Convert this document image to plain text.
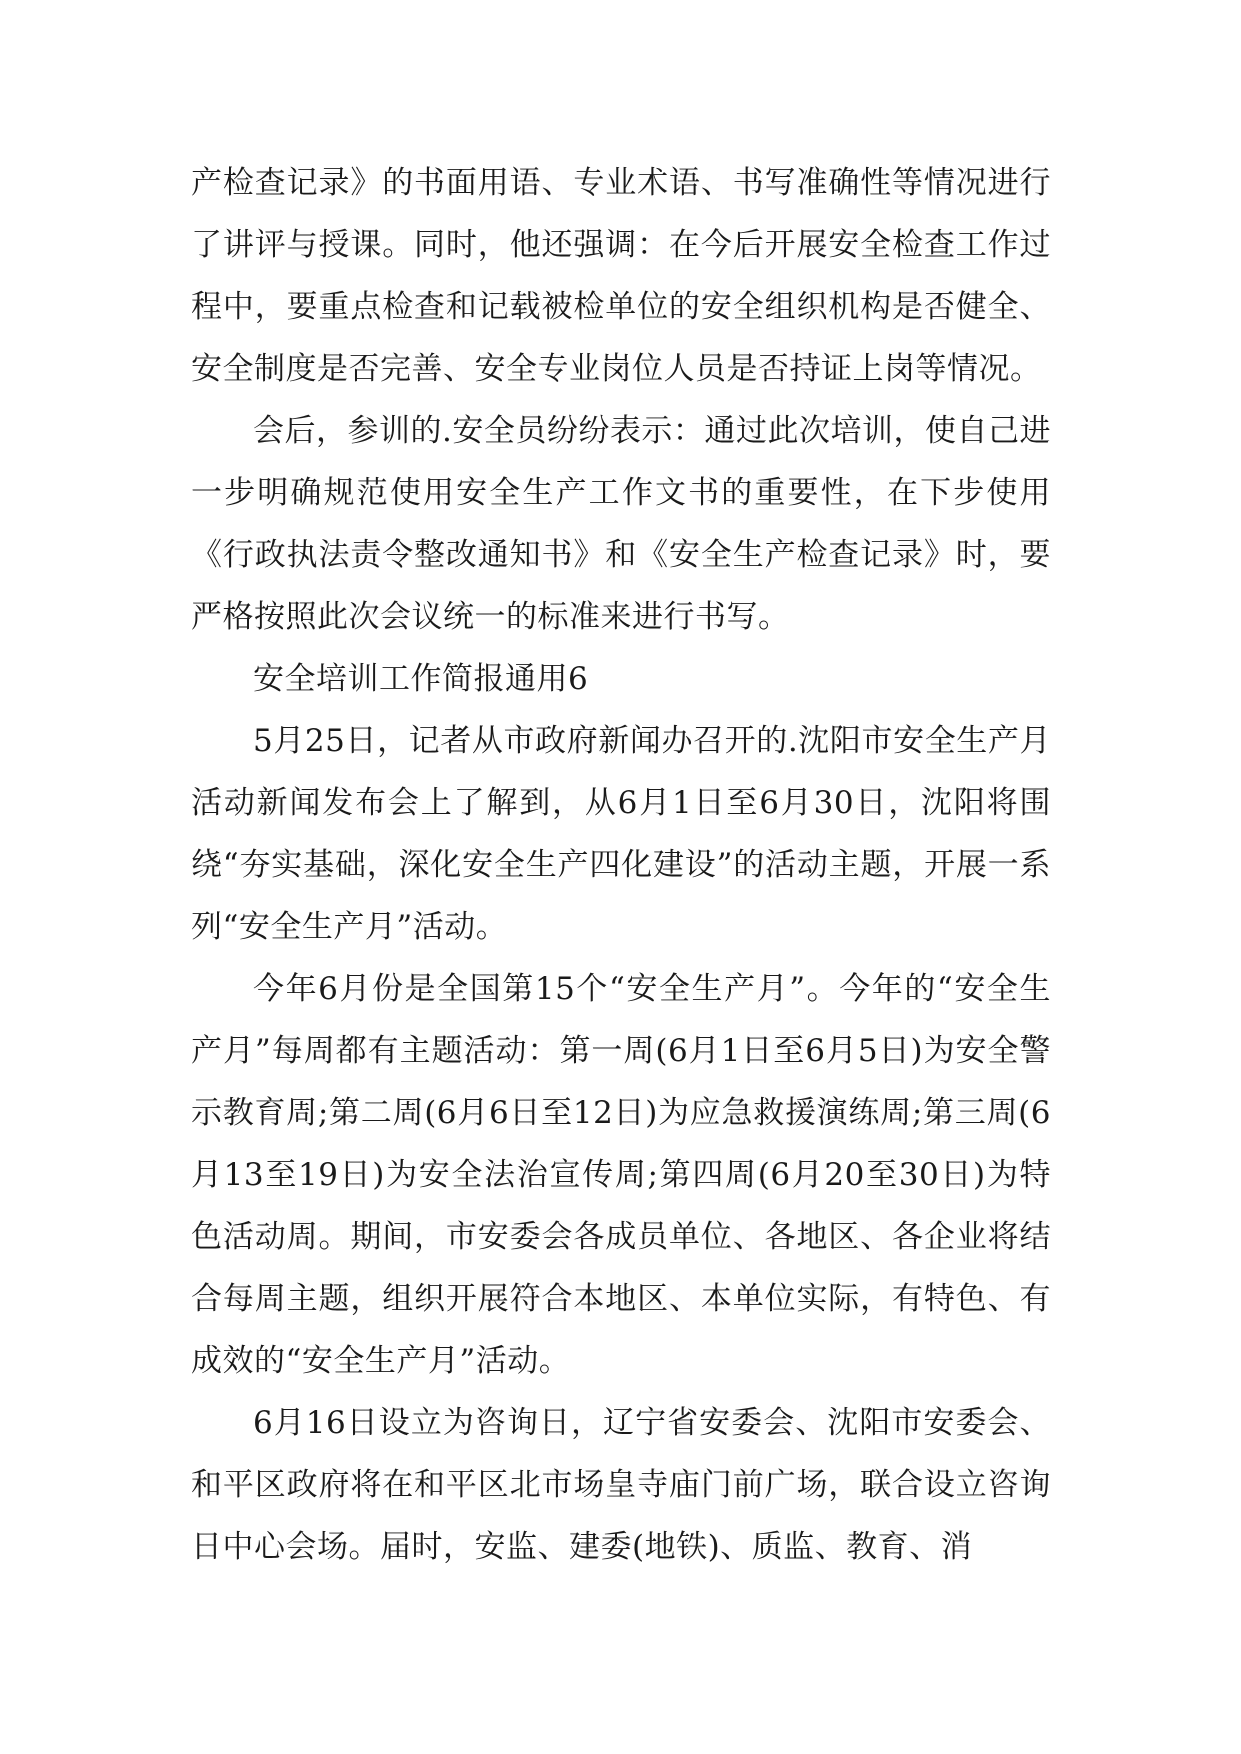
产检查记录》的书面用语、专业术语、书写准确性等情况进行了讲评与授课。同时，他还强调：在今后开展安全检查工作过程中，要重点检查和记载被检单位的安全组织机构是否健全、安全制度是否完善、安全专业岗位人员是否持证上岗等情况。

会后，参训的.安全员纷纷表示：通过此次培训，使自己进一步明确规范使用安全生产工作文书的重要性，在下步使用《行政执法责令整改通知书》和《安全生产检查记录》时，要严格按照此次会议统一的标准来进行书写。

安全培训工作简报通用6

5月25日，记者从市政府新闻办召开的.沈阳市安全生产月活动新闻发布会上了解到，从6月1日至6月30日，沈阳将围绕“夯实基础，深化安全生产四化建设”的活动主题，开展一系列“安全生产月”活动。

今年6月份是全国第15个“安全生产月”。今年的“安全生产月”每周都有主题活动：第一周(6月1日至6月5日)为安全警示教育周;第二周(6月6日至12日)为应急救援演练周;第三周(6月13至19日)为安全法治宣传周;第四周(6月20至30日)为特色活动周。期间，市安委会各成员单位、各地区、各企业将结合每周主题，组织开展符合本地区、本单位实际，有特色、有成效的“安全生产月”活动。

6月16日设立为咨询日，辽宁省安委会、沈阳市安委会、和平区政府将在和平区北市场皇寺庙门前广场，联合设立咨询日中心会场。届时，安监、建委(地铁)、质监、教育、消
